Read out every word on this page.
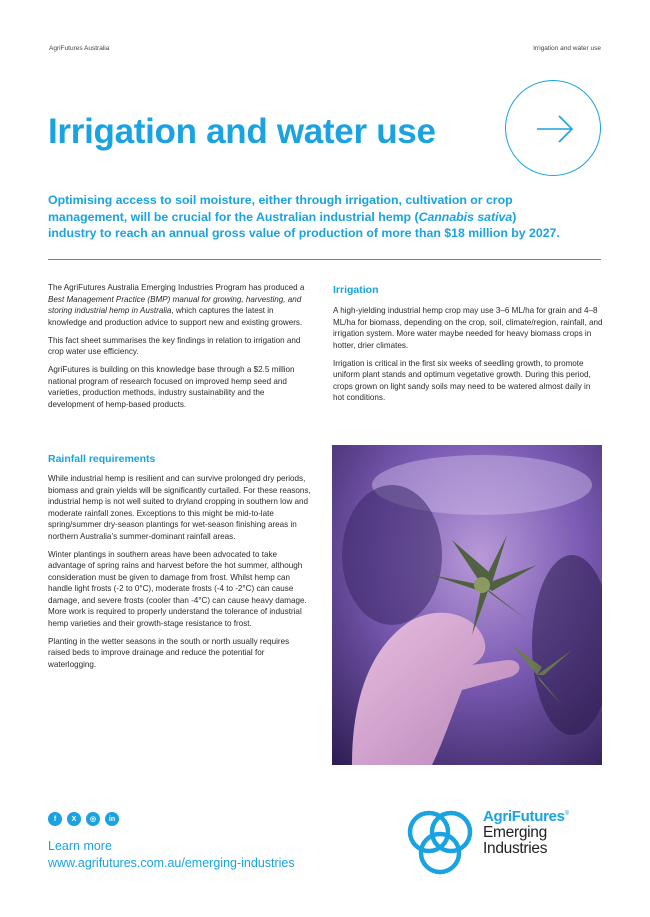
AgriFutures Australia	Irrigation and water use
Irrigation and water use
Optimising access to soil moisture, either through irrigation, cultivation or crop management, will be crucial for the Australian industrial hemp (Cannabis sativa) industry to reach an annual gross value of production of more than $18 million by 2027.

The AgriFutures Australia Emerging Industries Program has produced a Best Management Practice (BMP) manual for growing, harvesting, and storing industrial hemp in Australia, which captures the latest in knowledge and production advice to support new and existing growers.

This fact sheet summarises the key findings in relation to irrigation and crop water use efficiency.

AgriFutures is building on this knowledge base through a $2.5 million national program of research focused on improved hemp seed and varieties, production methods, industry sustainability and the development of hemp-based products.

Rainfall requirements

While industrial hemp is resilient and can survive prolonged dry periods, biomass and grain yields will be significantly curtailed. For these reasons, industrial hemp is not well suited to dryland cropping in southern low and moderate rainfall zones. Exceptions to this might be mid-to-late spring/summer dry-season plantings for wet-season finishing areas in northern Australia’s summer-dominant rainfall areas.

Winter plantings in southern areas have been advocated to take advantage of spring rains and harvest before the hot summer, although consideration must be given to damage from frost. Whilst hemp can handle light frosts (-2 to 0°C), moderate frosts (-4 to -2°C) can cause damage, and severe frosts (cooler than -4°C) can cause heavy damage. More work is required to properly understand the tolerance of industrial hemp varieties and their growth-stage resistance to frost.

Planting in the wetter seasons in the south or north usually requires raised beds to improve drainage and reduce the potential for waterlogging.

Irrigation

A high-yielding industrial hemp crop may use 3–6 ML/ha for grain and 4–8 ML/ha for biomass, depending on the crop, soil, climate/region, rainfall, and irrigation system. More water maybe needed for heavy biomass crops in hotter, drier climates.

Irrigation is critical in the first six weeks of seedling growth, to promote uniform plant stands and optimum vegetative growth. During this period, crops grown on light sandy soils may need to be watered almost daily in hot conditions.

f	X	◎	in
Learn more
www.agrifutures.com.au/emerging-industries
AgriFutures®
Emerging
Industries
